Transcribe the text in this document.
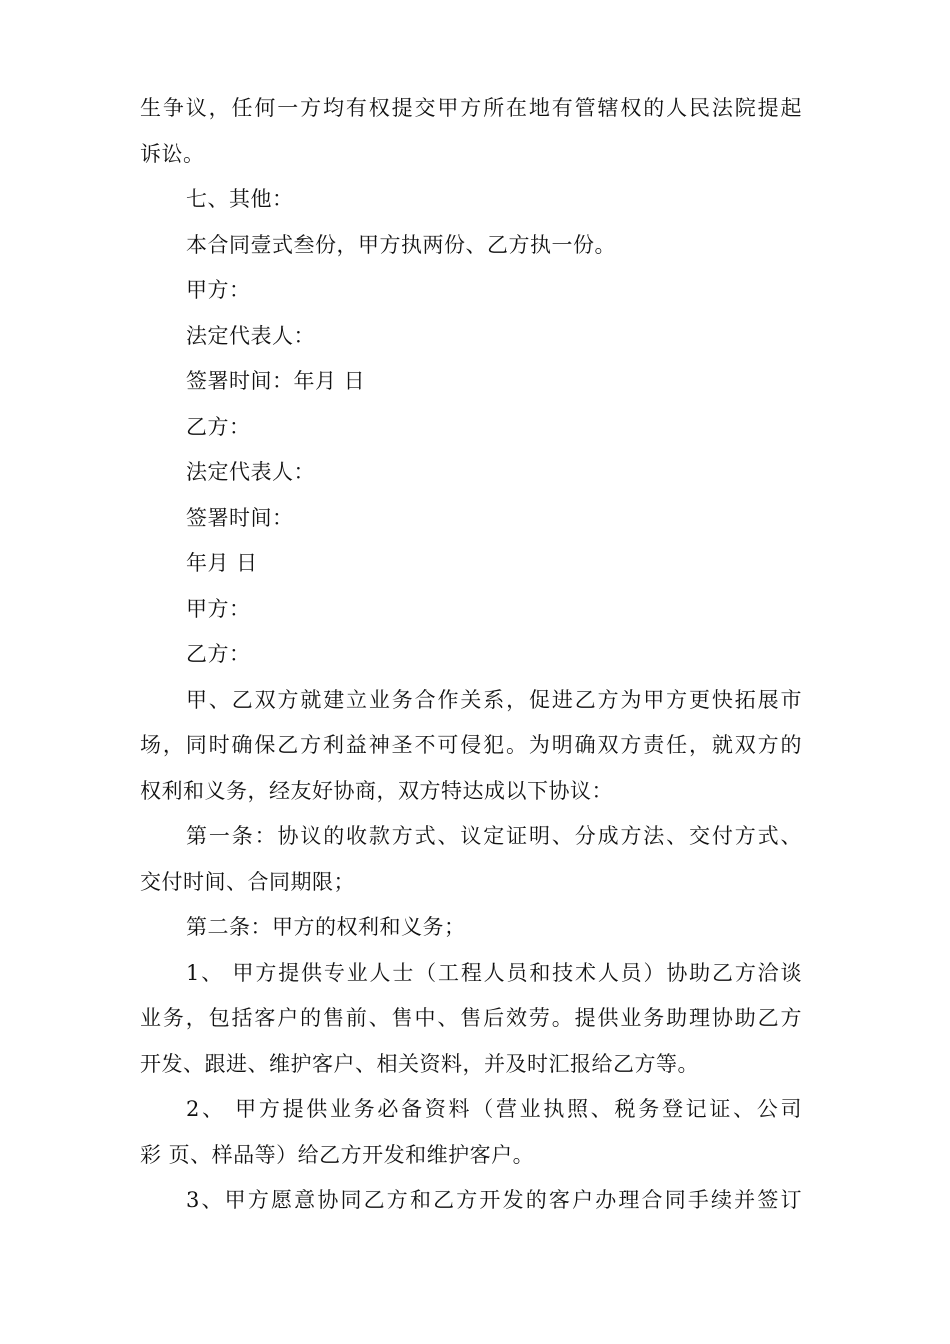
生争议，任何一方均有权提交甲方所在地有管辖权的人民法院提起
诉讼。
七、其他：
本合同壹式叁份，甲方执两份、乙方执一份。
甲方：
法定代表人：
签署时间：年月 日
乙方：
法定代表人：
签署时间：
年月 日
甲方：
乙方：
甲、乙双方就建立业务合作关系，促进乙方为甲方更快拓展市
场，同时确保乙方利益神圣不可侵犯。为明确双方责任，就双方的
权利和义务，经友好协商，双方特达成以下协议：
第一条：协议的收款方式、议定证明、分成方法、交付方式、
交付时间、合同期限；
第二条：甲方的权利和义务；
1、 甲方提供专业人士（工程人员和技术人员）协助乙方洽谈
业务，包括客户的售前、售中、售后效劳。提供业务助理协助乙方
开发、跟进、维护客户、相关资料，并及时汇报给乙方等。
2、 甲方提供业务必备资料（营业执照、税务登记证、公司
彩 页、样品等）给乙方开发和维护客户。
3、甲方愿意协同乙方和乙方开发的客户办理合同手续并签订
